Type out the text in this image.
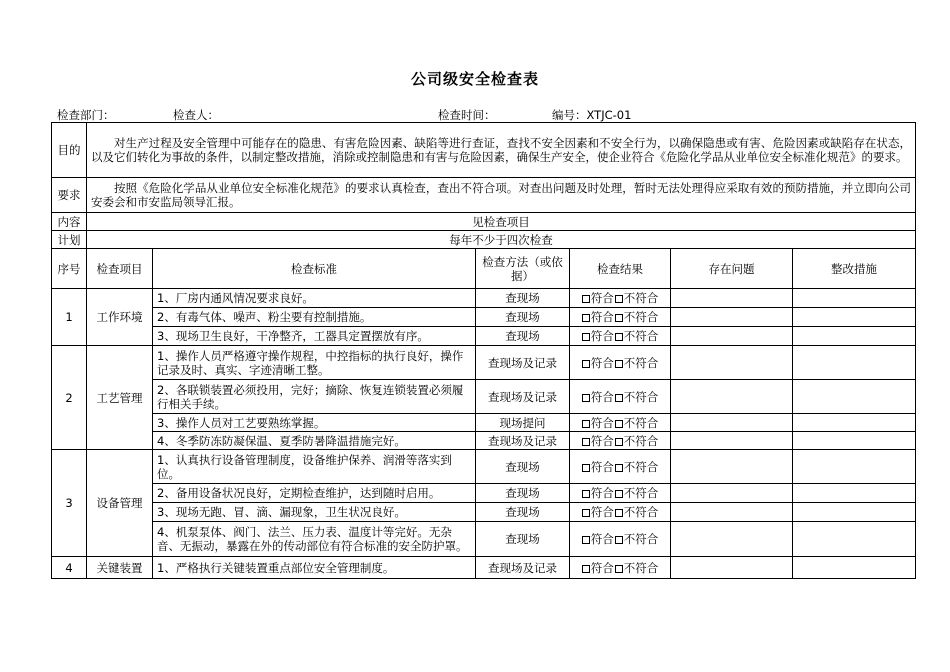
公司级安全检查表
检查部门：	检查人：	检查时间：	编号：XTJC-01
目的	对生产过程及安全管理中可能存在的隐患、有害危险因素、缺陷等进行查证，查找不安全因素和不安全行为，以确保隐患或有害、危险因素或缺陷存在状态，以及它们转化为事故的条件，以制定整改措施，消除或控制隐患和有害与危险因素，确保生产安全，使企业符合《危险化学品从业单位安全标准化规范》的要求。					
要求	按照《危险化学品从业单位安全标准化规范》的要求认真检查，查出不符合项。对查出问题及时处理，暂时无法处理得应采取有效的预防措施，并立即向公司安委会和市安监局领导汇报。					
内容	见检查项目					
计划	每年不少于四次检查					
序号	检查项目	检查标准	检查方法（或依据）	检查结果	存在问题	整改措施
1	工作环境	1、厂房内通风情况要求良好。	查现场	符合 不符合		
		2、有毒气体、噪声、粉尘要有控制措施。	查现场	符合 不符合		
		3、现场卫生良好，干净整齐，工器具定置摆放有序。	查现场	符合 不符合		
2	工艺管理	1、操作人员严格遵守操作规程，中控指标的执行良好，操作记录及时、真实、字迹清晰工整。	查现场及记录	符合 不符合		
		2、各联锁装置必须投用，完好；摘除、恢复连锁装置必须履行相关手续。	查现场及记录	符合 不符合		
		3、操作人员对工艺要熟练掌握。	现场提问	符合 不符合		
		4、冬季防冻防凝保温、夏季防暑降温措施完好。	查现场及记录	符合 不符合		
3	设备管理	1、认真执行设备管理制度，设备维护保养、润滑等落实到位。	查现场	符合 不符合		
		2、备用设备状况良好，定期检查维护，达到随时启用。	查现场	符合 不符合		
		3、现场无跑、冒、滴、漏现象，卫生状况良好。	查现场	符合 不符合		
		4、机泵泵体、阀门、法兰、压力表、温度计等完好。无杂音、无振动，暴露在外的传动部位有符合标准的安全防护罩。	查现场	符合 不符合		
4	关键装置	1、严格执行关键装置重点部位安全管理制度。	查现场及记录	符合 不符合		
